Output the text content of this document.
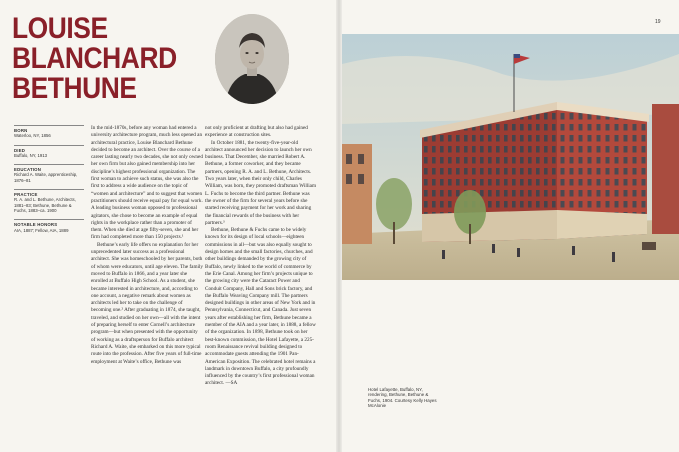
LOUISE
BLANCHARD
BETHUNE
BORN
Waterloo, NY, 1856
DIED
Buffalo, NY, 1913
EDUCATION
Richard A. Waite, apprenticeship, 1876–81
PRACTICE
R. A. and L. Bethune, Architects, 1881–83; Bethune, Bethune & Fuchs, 1883–ca. 1900
NOTABLE HONORS
AIA, 1887; Fellow, AIA, 1889

In the mid-1870s, before any woman had entered a university architecture program, much less opened an architectural practice, Louise Blanchard Bethune decided to become an architect. Over the course of a career lasting nearly two decades, she not only owned her own firm but also gained membership into her discipline’s highest professional organization. The first woman to achieve such status, she was also the first to address a wide audience on the topic of “women and architecture” and to suggest that women practitioners should receive equal pay for equal work. A leading business woman opposed to professional agitators, she chose to become an example of equal rights in the workplace rather than a promoter of them. When she died at age fifty-seven, she and her firm had completed more than 150 projects.¹

Bethune’s early life offers no explanation for her unprecedented later success as a professional architect. She was homeschooled by her parents, both of whom were educators, until age eleven. The family moved to Buffalo in 1866, and a year later she enrolled at Buffalo High School. As a student, she became interested in architecture, and, according to one account, a negative remark about women as architects led her to take on the challenge of becoming one.² After graduating in 1874, she taught, traveled, and studied on her own—all with the intent of preparing herself to enter Cornell’s architecture program—but when presented with the opportunity of working as a draftsperson for Buffalo architect Richard A. Waite, she embarked on this more typical route into the profession. After five years of full-time employment at Waite’s office, Bethune was

not only proficient at drafting but also had gained experience at construction sites.

In October 1881, the twenty-five-year-old architect announced her decision to launch her own business. That December, she married Robert A. Bethune, a former coworker, and they became partners, opening R. A. and L. Bethune, Architects. Two years later, when their only child, Charles William, was born, they promoted draftsman William L. Fuchs to become the third partner. Bethune was the owner of the firm for several years before she started receiving payment for her work and sharing the financial rewards of the business with her partners.³

Bethune, Bethune & Fuchs came to be widely known for its design of local schools—eighteen commissions in all—but was also equally sought to design homes and the small factories, churches, and other buildings demanded by the growing city of Buffalo, newly linked to the world of commerce by the Erie Canal. Among her firm’s projects unique to the growing city were the Cataract Power and Conduit Company, Hall and Sons brick factory, and the Buffalo Weaving Company mill. The partners designed buildings in other areas of New York and in Pennsylvania, Connecticut, and Canada. Just seven years after establishing her firm, Bethune became a member of the AIA and a year later, in 1888, a fellow of the organization. In 1898, Bethune took on her best-known commission, the Hotel Lafayette, a 225-room Renaissance revival building designed to accommodate guests attending the 1901 Pan-American Exposition. The celebrated hotel remains a landmark in downtown Buffalo, a city profoundly influenced by the country’s first professional woman architect. —SA

19
Hotel Lafayette, Buffalo, NY, rendering, Bethune, Bethune & Fuchs, 1904. Courtesy Kelly Hayes McAlonie
